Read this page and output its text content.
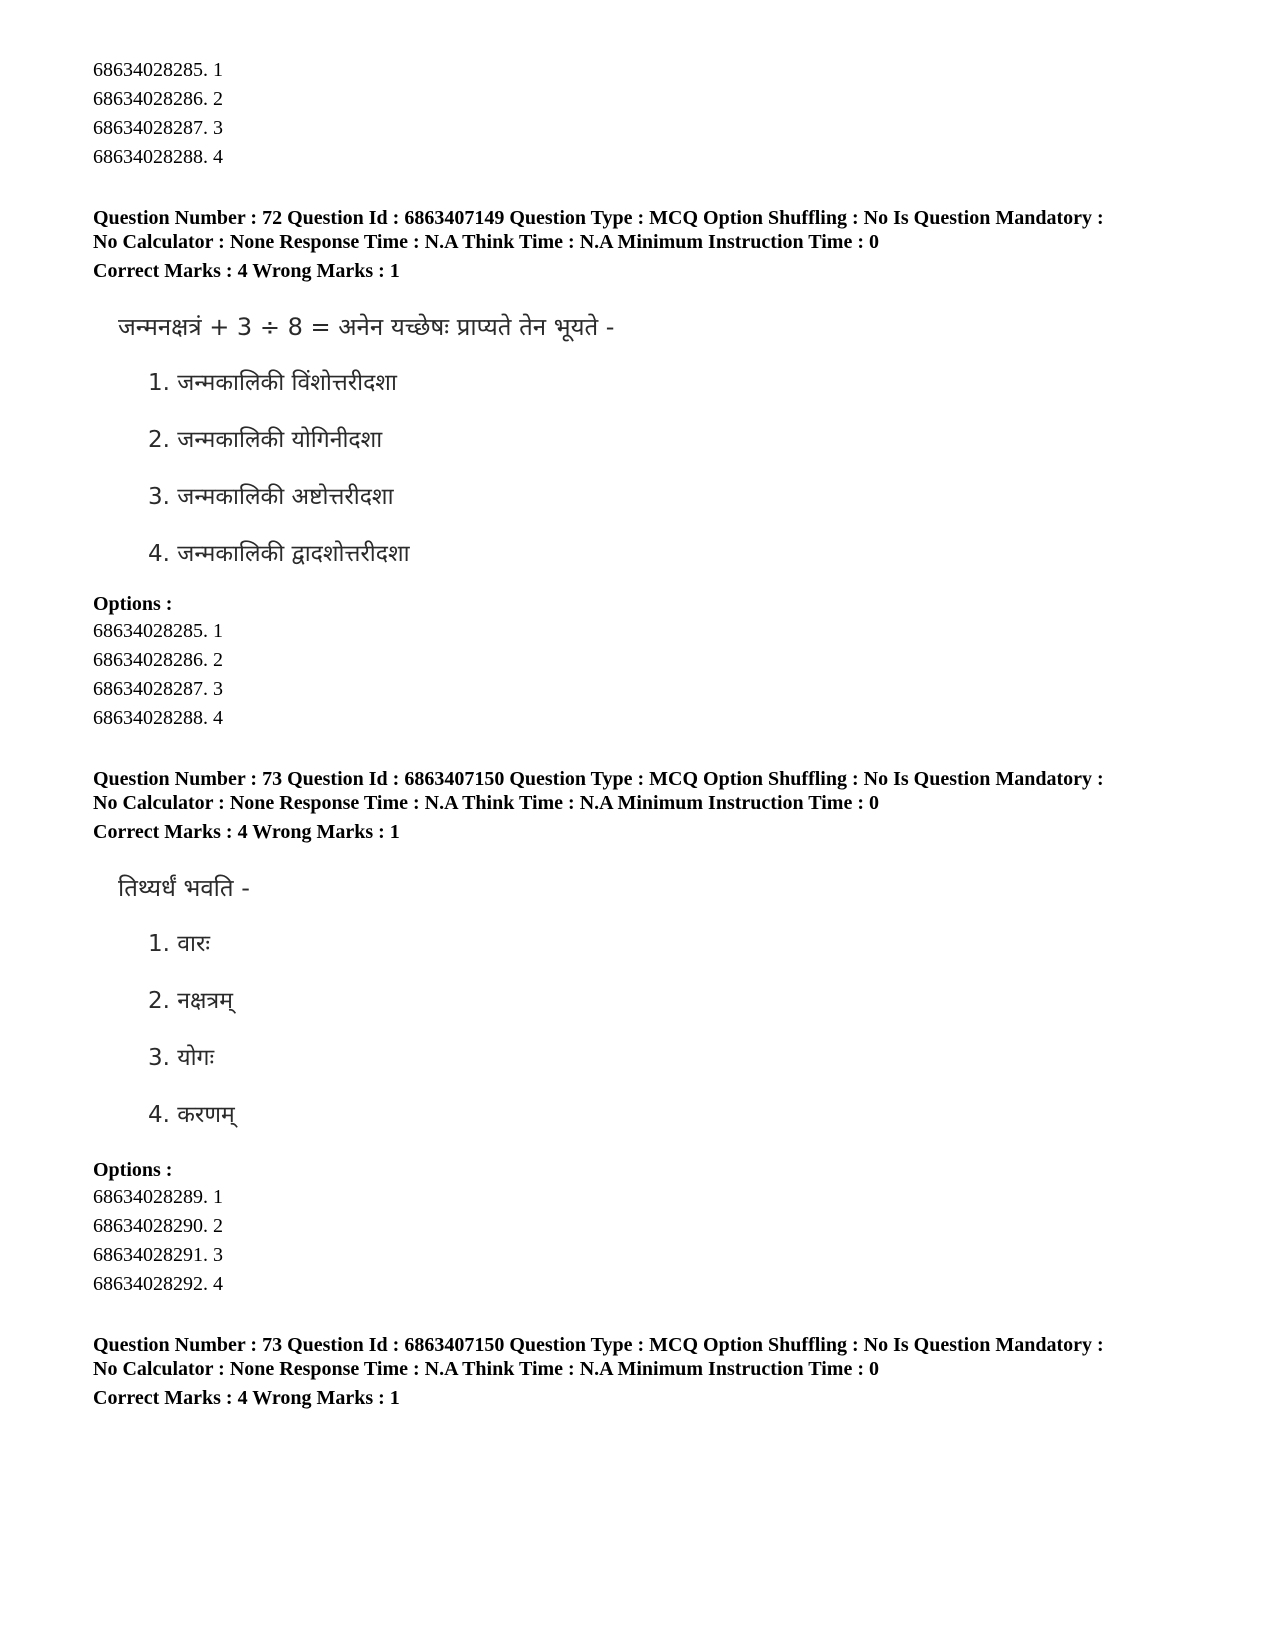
68634028285. 1
68634028286. 2
68634028287. 3
68634028288. 4
Question Number : 72 Question Id : 6863407149 Question Type : MCQ Option Shuffling : No Is Question Mandatory :
No Calculator : None Response Time : N.A Think Time : N.A Minimum Instruction Time : 0
Correct Marks : 4 Wrong Marks : 1
जन्मनक्षत्रं + 3 ÷ 8 = अनेन यच्छेषः प्राप्यते तेन भूयते -
1. जन्मकालिकी विंशोत्तरीदशा
2. जन्मकालिकी योगिनीदशा
3. जन्मकालिकी अष्टोत्तरीदशा
4. जन्मकालिकी द्वादशोत्तरीदशा
Options :
68634028285. 1
68634028286. 2
68634028287. 3
68634028288. 4
Question Number : 73 Question Id : 6863407150 Question Type : MCQ Option Shuffling : No Is Question Mandatory :
No Calculator : None Response Time : N.A Think Time : N.A Minimum Instruction Time : 0
Correct Marks : 4 Wrong Marks : 1
तिथ्यर्धं भवति -
1. वारः
2. नक्षत्रम्
3. योगः
4. करणम्
Options :
68634028289. 1
68634028290. 2
68634028291. 3
68634028292. 4
Question Number : 73 Question Id : 6863407150 Question Type : MCQ Option Shuffling : No Is Question Mandatory :
No Calculator : None Response Time : N.A Think Time : N.A Minimum Instruction Time : 0
Correct Marks : 4 Wrong Marks : 1
